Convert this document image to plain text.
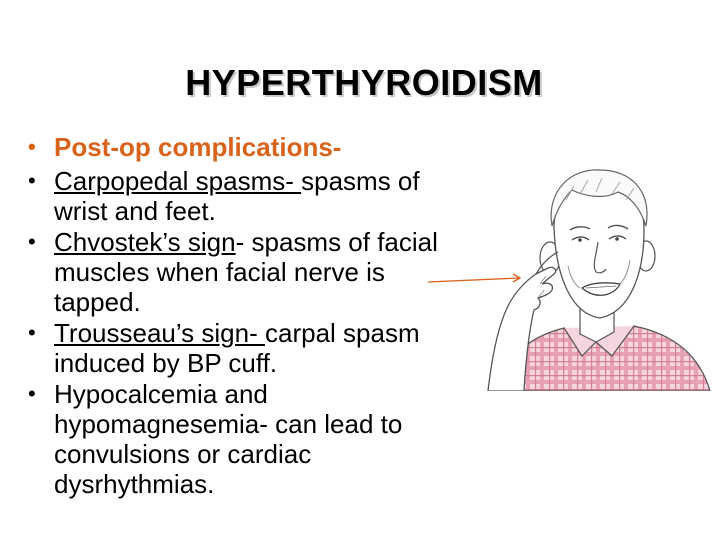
HYPERTHYROIDISM
• Post-op complications-
• Carpopedal spasms- spasms of wrist and feet.
• Chvostek’s sign- spasms of facial muscles when facial nerve is tapped.
• Trousseau’s sign- carpal spasm induced by BP cuff.
• Hypocalcemia and hypomagnesemia- can lead to convulsions or cardiac dysrhythmias.
